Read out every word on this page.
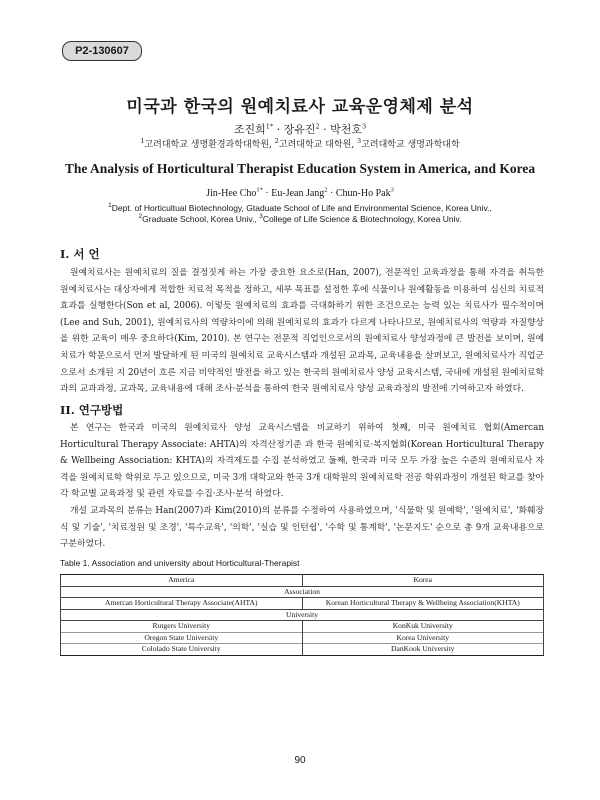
P2-130607
미국과 한국의 원예치료사 교육운영체제 분석
조진희$^{1*}$ · 장유진$^2$ · 박천호$^3$
$^1$고려대학교 생명환경과학대학원, $^2$고려대학교 대학원, $^3$고려대학교 생명과학대학
The Analysis of Horticultural Therapist Education System in America, and Korea
Jin-Hee Cho$^{1*}$ · Eu-Jean Jang$^2$ · Chun-Ho Pak$^3$
$^1$Dept. of Horticultual Biotechnology, Gtaduate School of Life and Environmental Science, Korea Univ.,
$^2$Graduate School, Korea Univ., $^3$College of Life Science & Biotechnology, Korea Univ.
I. 서 언

원예치료사는 원예치료의 질을 결정짓게 하는 가장 중요한 요소로(Han, 2007), 전문적인 교육과정을 통해 자격을 취득한 원예치료사는 대상자에게 적합한 치료적 목적을 정하고, 세부 목표를 설정한 후에 식물이나 원예활동을 이용하여 심신의 치료적 효과를 실행한다(Son et al, 2006). 이렇듯 원예치료의 효과를 극대화하기 위한 조건으로는 능력 있는 치료사가 필수적이며(Lee and Suh, 2001), 원예치료사의 역량차이에 의해 원예치료의 효과가 다르게 나타나므로, 원예치료사의 역량과 자질향상을 위한 교육이 매우 중요하다(Kim, 2010). 본 연구는 전문적 직업인으로서의 원예치료사 양성과정에 큰 발전을 보이며, 원예치료가 학문으로서 먼저 발달하게 된 미국의 원예치료 교육시스템과 개설된 교과목, 교육내용을 살펴보고, 원예치료사가 직업군으로서 소개된 지 20년이 흐른 지금 비약적인 발전을 하고 있는 한국의 원예치료사 양성 교육시스템, 국내에 개설된 원예치료학과의 교과과정, 교과목, 교육내용에 대해 조사·분석을 통하여 한국 원예치료사 양성 교육과정의 발전에 기여하고자 하였다.

II. 연구방법

본 연구는 한국과 미국의 원예치료사 양성 교육시스템을 비교하기 위하여 첫째, 미국 원예치료 협회(Amercan Horticultural Therapy Associate: AHTA)의 자격산정기준 과 한국 원예치료·복지협회(Korean Horticultural Therapy & Wellbeing Association: KHTA)의 자격제도를 수집 분석하였고 둘째, 한국과 미국 모두 가장 높은 수준의 원예치료사 자격을 원예치료학 학위로 두고 있으므로, 미국 3개 대학교와 한국 3개 대학원의 원예치료학 전공 학위과정이 개설된 학교를 찾아 각 학교별 교육과정 및 관련 자료를 수집·조사·분석 하였다.

개설 교과목의 분류는 Han(2007)과 Kim(2010)의 분류를 수정하여 사용하였으며, '식물학 및 원예학', '원예치료', '화훼장식 및 기술', '치료정원 및 조경', '특수교육', '의학', '실습 및 인턴쉽', '수학 및 통계학', '논문지도' 순으로 총 9개 교육내용으로 구분하였다.

Table 1. Association and university about Horticultural-Therapist
America	Korea
Association	
Amercan Horticultural Therapy Associate(AHTA)	Korean Horticultural Therapy & Wellbeing Association(KHTA)
University	
Rutgers University	KonKuk University
Oregon State University	Korea University
Cololado State University	DanKook University
90
